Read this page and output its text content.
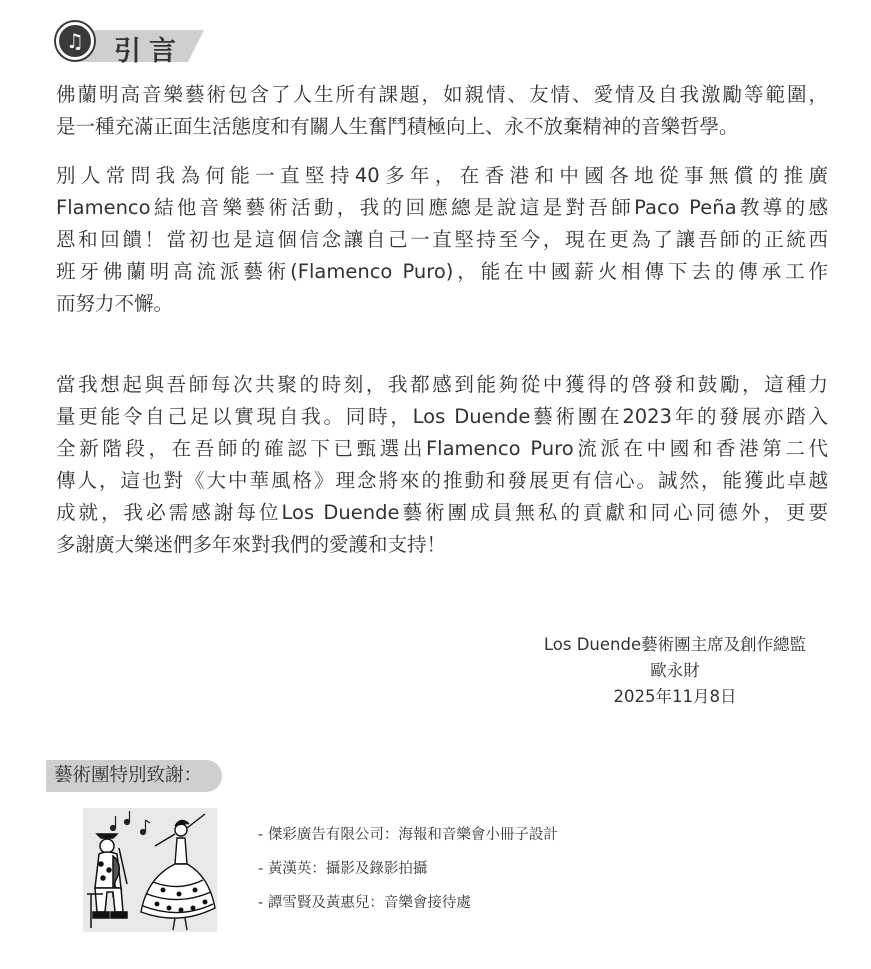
♫	引言
佛蘭明高音樂藝術包含了人生所有課題，如親情、友情、愛情及自我激勵等範圍，
是一種充滿正面生活態度和有關人生奮鬥積極向上、永不放棄精神的音樂哲學。
別人常問我為何能一直堅持40多年，在香港和中國各地從事無償的推廣
Flamenco結他音樂藝術活動，我的回應總是說這是對吾師Paco Peña教導的感
恩和回饋！當初也是這個信念讓自己一直堅持至今，現在更為了讓吾師的正統西
班牙佛蘭明高流派藝術(Flamenco Puro)，能在中國薪火相傳下去的傳承工作
而努力不懈。
當我想起與吾師每次共聚的時刻，我都感到能夠從中獲得的啓發和鼓勵，這種力
量更能令自己足以實現自我。同時，Los Duende藝術團在2023年的發展亦踏入
全新階段，在吾師的確認下已甄選出Flamenco Puro流派在中國和香港第二代
傳人，這也對《大中華風格》理念將來的推動和發展更有信心。誠然，能獲此卓越
成就，我必需感謝每位Los Duende藝術團成員無私的貢獻和同心同德外，更要
多謝廣大樂迷們多年來對我們的愛護和支持！
Los Duende藝術團主席及創作總監
歐永財
2025年11月8日
藝術團特別致謝：
- 傑彩廣告有限公司：海報和音樂會小冊子設計
- 黃漢英：攝影及錄影拍攝
- 譚雪賢及黃惠兒：音樂會接待處
